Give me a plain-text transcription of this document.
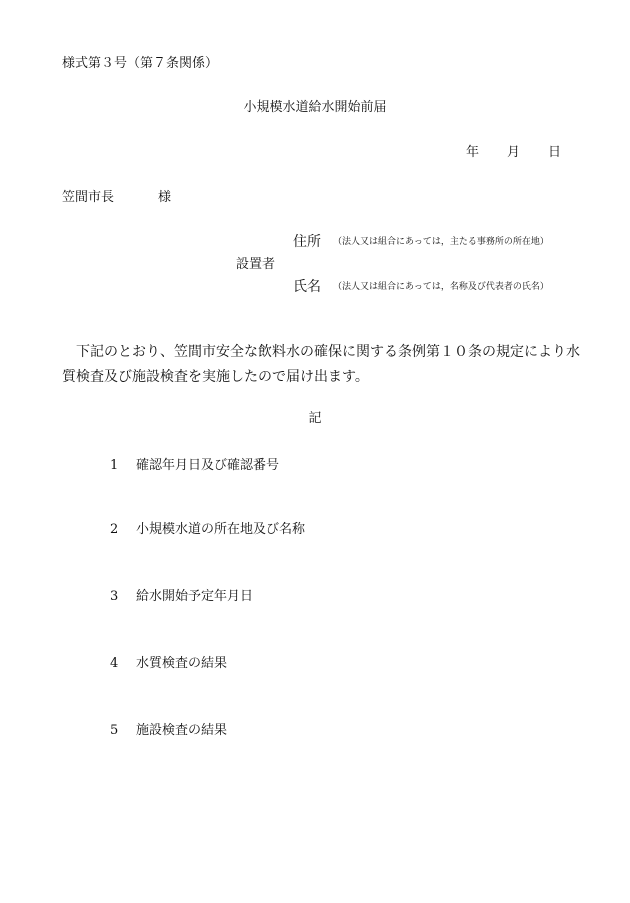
様式第３号（第７条関係）
小規模水道給水開始前届
年 月 日
笠間市長	様
住所 （法人又は組合にあっては，主たる事務所の所在地）
設置者
氏名 （法人又は組合にあっては，名称及び代表者の氏名）
下記のとおり、笠間市安全な飲料水の確保に関する条例第１０条の規定により水質検査及び施設検査を実施したので届け出ます。
記
1 確認年月日及び確認番号
2 小規模水道の所在地及び名称
3 給水開始予定年月日
4 水質検査の結果
5 施設検査の結果
